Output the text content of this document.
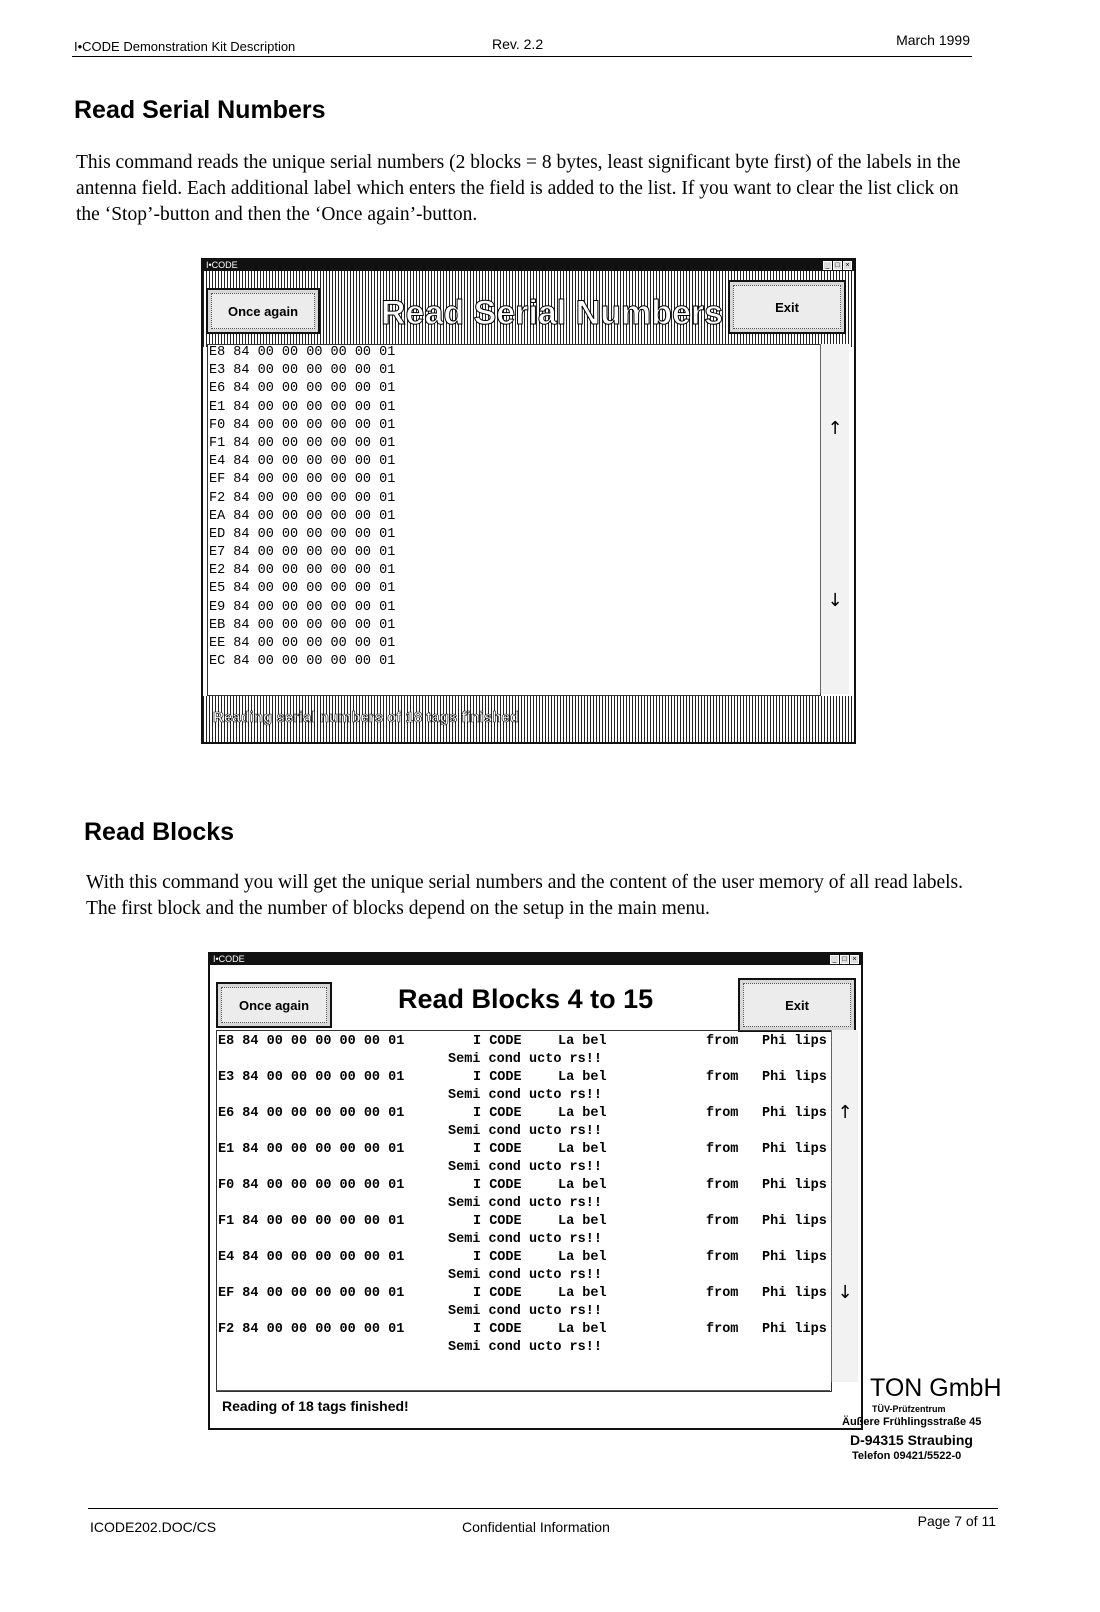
I•CODE Demonstration Kit Description	Rev. 2.2	March 1999
Read Serial Numbers

This command reads the unique serial numbers (2 blocks = 8 bytes, least significant byte first) of the labels in the antenna field. Each additional label which enters the field is added to the list. If you want to clear the list click on the ‘Stop’-button and then the ‘Once again’-button.

I•CODE	_ □ ×
Once again Read Serial Numbers	Exit
E8 84 00 00 00 00 00 01
E3 84 00 00 00 00 00 01
E6 84 00 00 00 00 00 01
E1 84 00 00 00 00 00 01
F0 84 00 00 00 00 00 01
F1 84 00 00 00 00 00 01
E4 84 00 00 00 00 00 01
EF 84 00 00 00 00 00 01
F2 84 00 00 00 00 00 01
EA 84 00 00 00 00 00 01
ED 84 00 00 00 00 00 01
E7 84 00 00 00 00 00 01
E2 84 00 00 00 00 00 01
E5 84 00 00 00 00 00 01
E9 84 00 00 00 00 00 01
EB 84 00 00 00 00 00 01
EE 84 00 00 00 00 00 01
EC 84 00 00 00 00 00 01
↑
↓
Reading serial numbers of 18 tags finished
Read Blocks

With this command you will get the unique serial numbers and the content of the user memory of all read labels. The first block and the number of blocks depend on the setup in the main menu.

I•CODE	_ □ ×
Once again	Read Blocks 4 to 15	Exit
E8 84 00 00 00 00 00 01	I CODE	La bel	from Phi lips
Semi cond ucto rs!!
E3 84 00 00 00 00 00 01	I CODE	La bel	from Phi lips
Semi cond ucto rs!!
E6 84 00 00 00 00 00 01	I CODE	La bel	from Phi lips
Semi cond ucto rs!!
E1 84 00 00 00 00 00 01	I CODE	La bel	from Phi lips
Semi cond ucto rs!!
F0 84 00 00 00 00 00 01	I CODE	La bel	from Phi lips
Semi cond ucto rs!!
F1 84 00 00 00 00 00 01	I CODE	La bel	from Phi lips
Semi cond ucto rs!!
E4 84 00 00 00 00 00 01	I CODE	La bel	from Phi lips
Semi cond ucto rs!!
EF 84 00 00 00 00 00 01	I CODE	La bel	from Phi lips
Semi cond ucto rs!!
F2 84 00 00 00 00 00 01	I CODE	La bel	from Phi lips
Semi cond ucto rs!!
↑
↓
Reading of 18 tags finished!
TON GmbH
TÜV-Prüfzentrum
Äußere Frühlingsstraße 45
D-94315 Straubing
Telefon 09421/5522-0
ICODE202.DOC/CS	Confidential Information	Page 7 of 11
